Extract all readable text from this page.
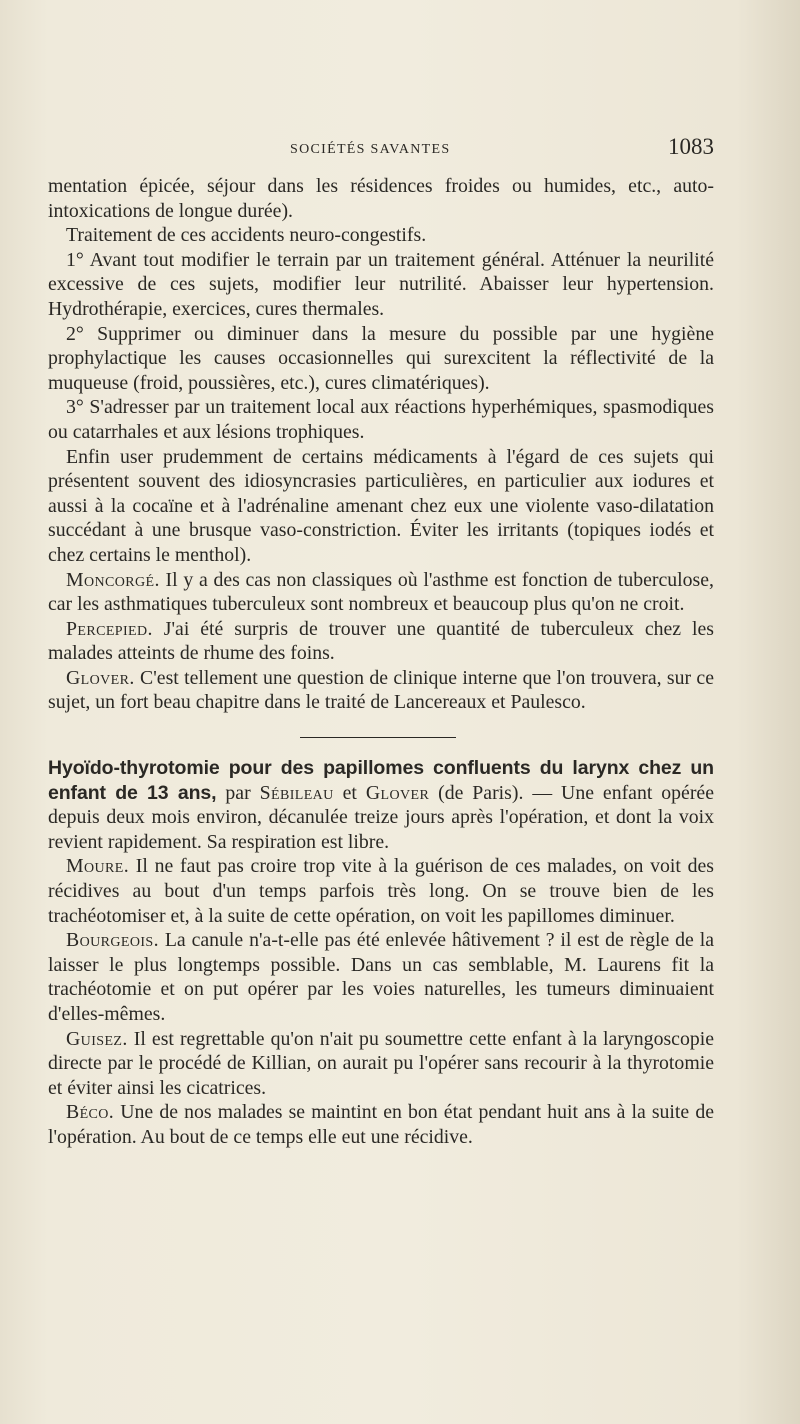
SOCIÉTÉS SAVANTES	1083

mentation épicée, séjour dans les résidences froides ou humides, etc., auto-intoxications de longue durée).

Traitement de ces accidents neuro-congestifs.

1° Avant tout modifier le terrain par un traitement général. Atténuer la neurilité excessive de ces sujets, modifier leur nutrilité. Abaisser leur hypertension. Hydrothérapie, exercices, cures thermales.

2° Supprimer ou diminuer dans la mesure du possible par une hygiène prophylactique les causes occasionnelles qui surexcitent la réflectivité de la muqueuse (froid, poussières, etc.), cures climatériques).

3° S'adresser par un traitement local aux réactions hyperhémiques, spasmodiques ou catarrhales et aux lésions trophiques.

Enfin user prudemment de certains médicaments à l'égard de ces sujets qui présentent souvent des idiosyncrasies particulières, en particulier aux iodures et aussi à la cocaïne et à l'adrénaline amenant chez eux une violente vaso-dilatation succédant à une brusque vaso-constriction. Éviter les irritants (topiques iodés et chez certains le menthol).

Moncorgé. Il y a des cas non classiques où l'asthme est fonction de tuberculose, car les asthmatiques tuberculeux sont nombreux et beaucoup plus qu'on ne croit.

Percepied. J'ai été surpris de trouver une quantité de tuberculeux chez les malades atteints de rhume des foins.

Glover. C'est tellement une question de clinique interne que l'on trouvera, sur ce sujet, un fort beau chapitre dans le traité de Lancereaux et Paulesco.

Hyoïdo-thyrotomie pour des papillomes confluents du larynx chez un enfant de 13 ans, par Sébileau et Glover (de Paris). — Une enfant opérée depuis deux mois environ, décanulée treize jours après l'opération, et dont la voix revient rapidement. Sa respiration est libre.

Moure. Il ne faut pas croire trop vite à la guérison de ces malades, on voit des récidives au bout d'un temps parfois très long. On se trouve bien de les trachéotomiser et, à la suite de cette opération, on voit les papillomes diminuer.

Bourgeois. La canule n'a-t-elle pas été enlevée hâtivement ? il est de règle de la laisser le plus longtemps possible. Dans un cas semblable, M. Laurens fit la trachéotomie et on put opérer par les voies naturelles, les tumeurs diminuaient d'elles-mêmes.

Guisez. Il est regrettable qu'on n'ait pu soumettre cette enfant à la laryngoscopie directe par le procédé de Killian, on aurait pu l'opérer sans recourir à la thyrotomie et éviter ainsi les cicatrices.

Béco. Une de nos malades se maintint en bon état pendant huit ans à la suite de l'opération. Au bout de ce temps elle eut une récidive.
